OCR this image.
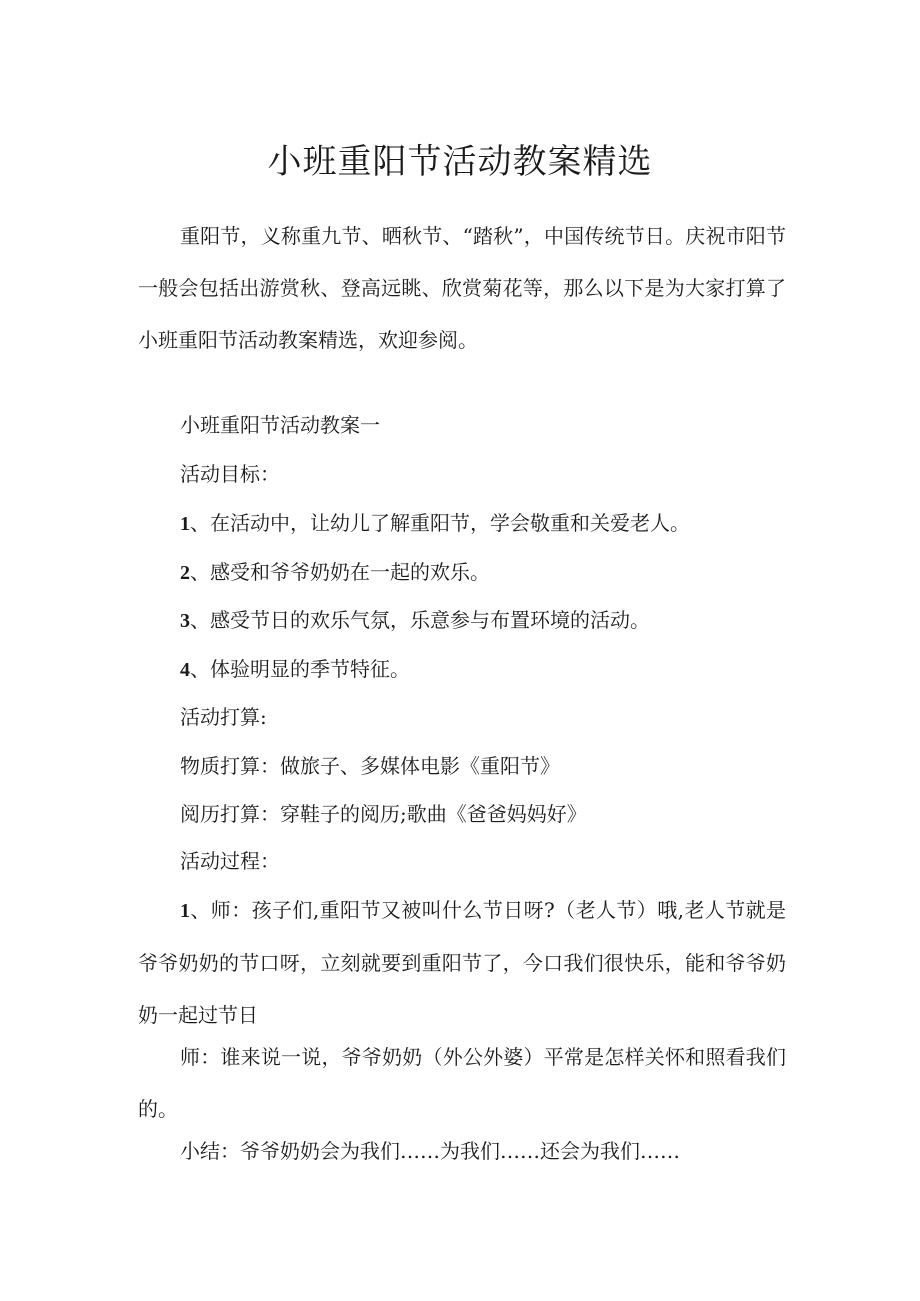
小班重阳节活动教案精选

重阳节，义称重九节、晒秋节、“踏秋”，中国传统节日。庆祝市阳节一般会包括出游赏秋、登高远眺、欣赏菊花等，那么以下是为大家打算了小班重阳节活动教案精选，欢迎参阅。

小班重阳节活动教案一

活动目标：

1、在活动中，让幼儿了解重阳节，学会敬重和关爱老人。

2、感受和爷爷奶奶在一起的欢乐。

3、感受节日的欢乐气氛，乐意参与布置环境的活动。

4、体验明显的季节特征。

活动打算:

物质打算：做旅子、多媒体电影《重阳节》

阅历打算：穿鞋子的阅历;歌曲《爸爸妈妈好》

活动过程：

1、师：孩子们,重阳节又被叫什么节日呀?（老人节）哦,老人节就是爷爷奶奶的节口呀，立刻就要到重阳节了，今口我们很快乐，能和爷爷奶奶一起过节日

师：谁来说一说，爷爷奶奶（外公外婆）平常是怎样关怀和照看我们的。

小结：爷爷奶奶会为我们……为我们……还会为我们……
